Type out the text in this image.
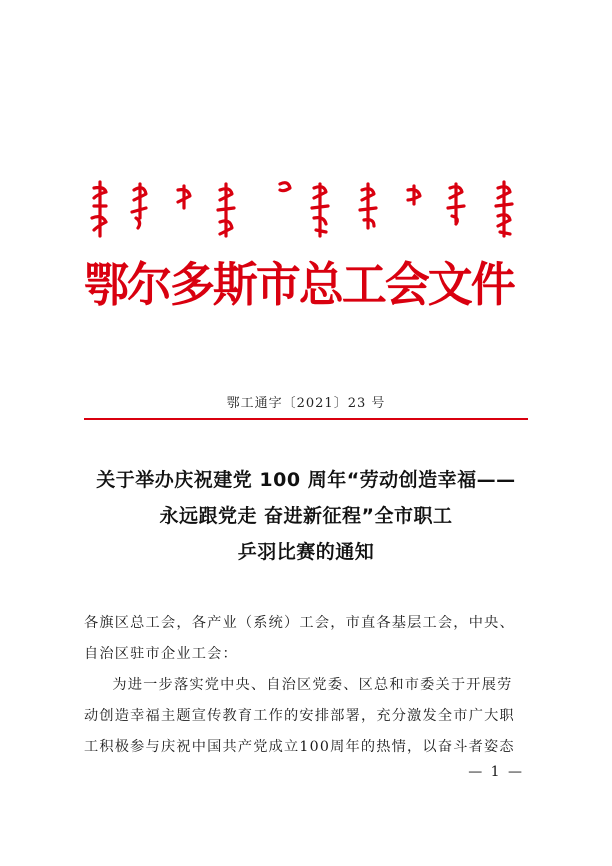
鄂尔多斯市总工会文件
鄂工通字〔2021〕23 号
关于举办庆祝建党 100 周年“劳动创造幸福——
永远跟党走 奋进新征程”全市职工
乒羽比赛的通知

各旗区总工会，各产业（系统）工会，市直各基层工会，中央、

自治区驻市企业工会：

为进一步落实党中央、自治区党委、区总和市委关于开展劳

动创造幸福主题宣传教育工作的安排部署，充分激发全市广大职

工积极参与庆祝中国共产党成立100周年的热情，以奋斗者姿态

— 1 —
